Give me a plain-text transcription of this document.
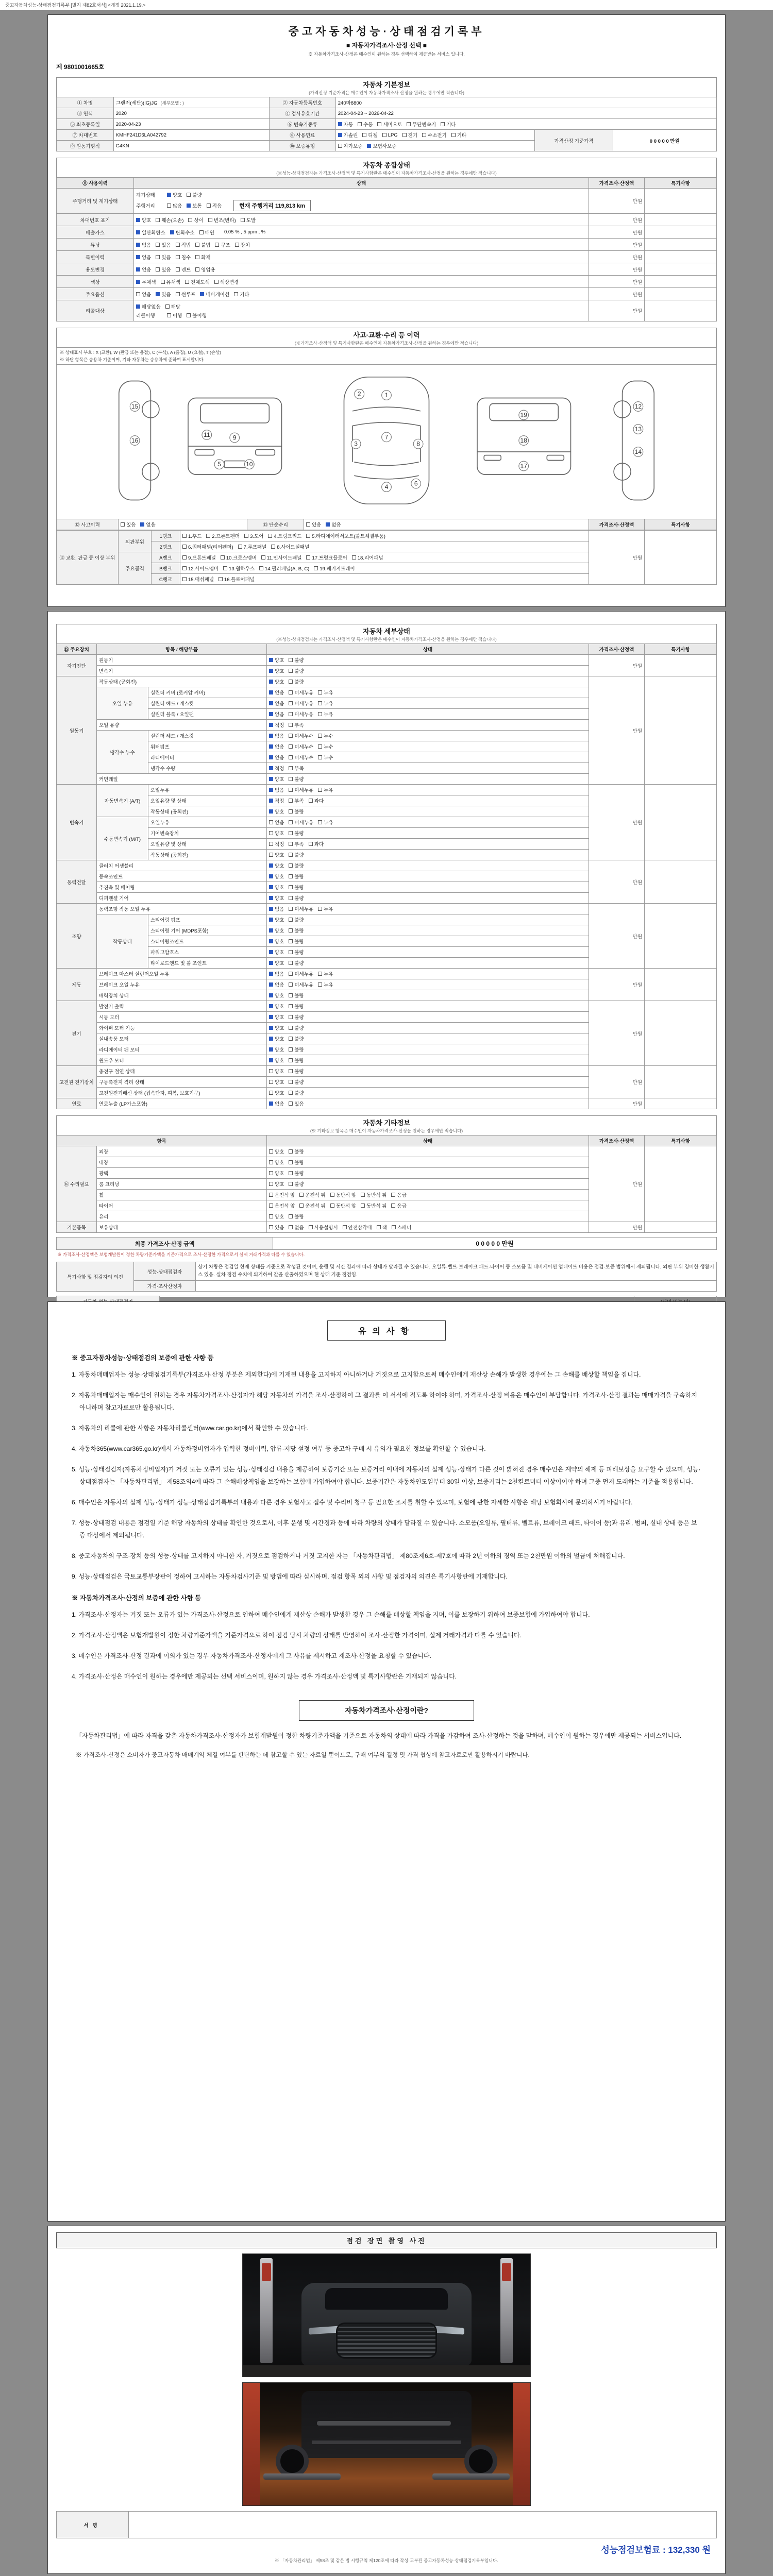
중고자동차성능·상태점검기록부 [별지 제82호서식] <개정 2021.1.19.>
중고자동차성능·상태점검기록부
■ 자동차가격조사·산정 선택 ■
※ 자동차가격조사·산정은 매수인이 원하는 경우 선택하여 제공받는 서비스 입니다.
제 9801001665호
자동차 기본정보
(가격산정 기준가격은 매수인이 자동차가격조사·산정을 원하는 경우에만 적습니다)
① 차명	그랜저(세단)(IG)JG (세부모델 : )	② 자동차등록번호	240마8800		
③ 연식	2020	④ 검사유효기간	2024-04-23 ~ 2026-04-22		
⑤ 최초등록일	2020-04-23	⑥ 변속기종류	자동 수동 세미오토 무단변속기 기타		

⑦ 차대번호	KMHF241D6LA042792	⑧ 사용연료	가솔린 디젤 LPG 전기 수소전기 기타
	가격산정 기준가격	0 0 0 0 0 만원
⑨ 원동기형식	G4KN	⑩ 보증유형	자가보증 보험사보증		
자동차 종합상태
(※성능·상태점검자는 가격조사·산정액 및 특기사항란은 매수인이 자동차가격조사·산정을 원하는 경우에만 적습니다)
⑪ 사용이력	상태	가격조사·산정액	특기사항
주행거리 및 계기상태	
계기상태	양호 불량
주행거리	많음 보통 적음	현재 주행거리 119,813 km
	만원	
차대번호 표기	양호 훼손(오손) 상이 변조(변타) 도말	만원	
배출가스	일산화탄소 탄화수소 매연 0.05 % , 5 ppm , %	만원	
튜닝	없음 있음 적법 불법 구조 장치	만원	
특별이력	없음 있음 침수 화재	만원	
용도변경	없음 있음 렌트 영업용	만원	
색상	무채색 유채색 전체도색 색상변경	만원	
주요옵션	없음 있음 썬루프 네비게이션 기타	만원	
리콜대상	해당없음 해당
리콜이행 이행 불이행	만원	
사고·교환·수리 등 이력
(※가격조사·산정액 및 특기사항란은 매수인이 자동차가격조사·산정을 원하는 경우에만 적습니다)
※ 상태표시 부호 : X (교환), W (판금 또는 용접), C (부식), A (흠집), U (요철), T (손상)
※ 하단 항목은 승용차 기준이며, 기타 자동차는 승용차에 준하여 표시합니다.
1
2
3
4
5
6
7
8
9
10
11
12
13
14
15
16
17
18
19
⑫ 사고이력	있음 없음	⑬ 단순수리	있음 없음	가격조사·산정액	특기사항
⑭ 교환, 판금 등 이상 부위	외판부위	1랭크	1.후드 2.프론트펜더 3.도어 4.트렁크리드 5.라디에이터서포트(볼트체결부품)	만원	
		2랭크	6.쿼터패널(리어펜더) 7.루프패널 8.사이드실패널		

	주요골격	A랭크	9.프론트패널 10.크로스멤버 11.인사이드패널 17.트렁크플로어 18.리어패널		

		B랭크	12.사이드멤버 13.휠하우스 14.필러패널(A, B, C) 19.패키지트레이		

		C랭크	15.대쉬패널 16.플로어패널		
자동차 세부상태
(※성능·상태점검자는 가격조사·산정액 및 특기사항란은 매수인이 자동차가격조사·산정을 원하는 경우에만 적습니다)
⑮ 주요장치	항목 / 해당부품		상태	가격조사·산정액	특기사항
자기진단	원동기		양호 불량	만원	
	변속기		양호 불량		

원동기	작동상태 (공회전)		양호 불량	만원	
	오일 누유	실린더 커버 (로커암 커버)	없음 미세누유 누유		

		실린더 헤드 / 개스킷	없음 미세누유 누유		

		실린더 블록 / 오일팬	없음 미세누유 누유		

	오일 유량		적정 부족		

	냉각수 누수	실린더 헤드 / 개스킷	없음 미세누수 누수		

		워터펌프	없음 미세누수 누수		

		라디에이터	없음 미세누수 누수		

		냉각수 수량	적정 부족		

	커먼레일		양호 불량		

변속기	자동변속기 (A/T)	오일누유	없음 미세누유 누유	만원	
		오일유량 및 상태	적정 부족 과다		

		작동상태 (공회전)	양호 불량		

	수동변속기 (M/T)	오일누유	없음 미세누유 누유		

		기어변속장치	양호 불량		

		오일유량 및 상태	적정 부족 과다		

		작동상태 (공회전)	양호 불량		

동력전달	클러치 어셈블리		양호 불량	만원	
	등속조인트		양호 불량		

	추진축 및 베어링		양호 불량		

	디퍼렌셜 기어		양호 불량		

조향	동력조향 작동 오일 누유		없음 미세누유 누유	만원	
	작동상태	스티어링 펌프	양호 불량		

		스티어링 기어 (MDPS포함)	양호 불량		

		스티어링조인트	양호 불량		

		파워고압호스	양호 불량		

		타이로드엔드 및 볼 조인트	양호 불량		

제동	브레이크 마스터 실린더오일 누유		없음 미세누유 누유	만원	
	브레이크 오일 누유		없음 미세누유 누유		

	배력장치 상태		양호 불량		

전기	발전기 출력		양호 불량	만원	
	시동 모터		양호 불량		

	와이퍼 모터 기능		양호 불량		

	실내송풍 모터		양호 불량		

	라디에이터 팬 모터		양호 불량		

	윈도우 모터		양호 불량		

고전원 전기장치	충전구 절연 상태		양호 불량	만원	
	구동축전지 격리 상태		양호 불량		

	고전원전기배선 상태 (접속단자, 피복, 보호기구)		양호 불량		

연료	연료누출 (LP가스포함)		없음 있음	만원	
자동차 기타정보
(※ 기타정보 항목은 매수인이 자동차가격조사·산정을 원하는 경우에만 적습니다)
항목		상태	가격조사·산정액	특기사항
⑯ 수리필요	외장	양호 불량	만원	
	내장	양호 불량		

	광택	양호 불량		

	룸 크리닝	양호 불량		

	휠	운전석 앞 운전석 뒤 동반석 앞 동반석 뒤 응급		

	타이어	운전석 앞 운전석 뒤 동반석 앞 동반석 뒤 응급		

	유리	양호 불량		

기본품목	보유상태	있음 없음 사용설명서 안전삼각대 잭 스패너	만원	
최종 가격조사·산정 금액	0 0 0 0 0 만원
※ 가격조사·산정액은 보험개발원이 정한 차량기준가액을 기준가격으로 조사·산정한 가격으로서 실제 거래가격과 다를 수 있습니다.
특기사항 및 점검자의 의견	성능·상태점검자	상기 차량은 점검일 현재 상태를 기준으로 작성된 것이며, 운행 및 시간 경과에 따라 상태가 달라질 수 있습니다. 오일류·벨트·브레이크 패드·타이어 등 소모품 및 내비게이션 업데이트 비용은 점검·보증 범위에서 제외됩니다. 외판 부위 경미한 생활기스 있음. 실차 점검 수치에 의거하여 값을 산출하였으며 현 상태 기준 점검임.
	가격·조사산정자	

유의사항
※ 중고자동차성능·상태점검의 보증에 관한 사항 등
1. 자동차매매업자는 성능·상태점검기록부(가격조사·산정 부분은 제외한다)에 기재된 내용을 고지하지 아니하거나 거짓으로 고지함으로써 매수인에게 재산상 손해가 발생한 경우에는 그 손해를 배상할 책임을 집니다.
2. 자동차매매업자는 매수인이 원하는 경우 자동차가격조사·산정자가 해당 자동차의 가격을 조사·산정하여 그 결과를 이 서식에 적도록 하여야 하며, 가격조사·산정 비용은 매수인이 부담합니다. 가격조사·산정 결과는 매매가격을 구속하지 아니하며 참고자료로만 활용됩니다.
3. 자동차의 리콜에 관한 사항은 자동차리콜센터(www.car.go.kr)에서 확인할 수 있습니다.
4. 자동차365(www.car365.go.kr)에서 자동차정비업자가 입력한 정비이력, 압류·저당 설정 여부 등 중고차 구매 시 유의가 필요한 정보를 확인할 수 있습니다.
5. 성능·상태점검자(자동차정비업자)가 거짓 또는 오류가 있는 성능·상태점검 내용을 제공하여 보증기간 또는 보증거리 이내에 자동차의 실제 성능·상태가 다른 것이 밝혀진 경우 매수인은 계약의 해제 등 피해보상을 요구할 수 있으며, 성능·상태점검자는 「자동차관리법」 제58조의4에 따라 그 손해배상책임을 보장하는 보험에 가입하여야 합니다. 보증기간은 자동차인도일부터 30일 이상, 보증거리는 2천킬로미터 이상이어야 하며 그중 먼저 도래하는 기준을 적용합니다.
6. 매수인은 자동차의 실제 성능·상태가 성능·상태점검기록부의 내용과 다른 경우 보험사고 접수 및 수리비 청구 등 필요한 조치를 취할 수 있으며, 보험에 관한 자세한 사항은 해당 보험회사에 문의하시기 바랍니다.
7. 성능·상태점검 내용은 점검일 기준 해당 자동차의 상태를 확인한 것으로서, 이후 운행 및 시간경과 등에 따라 차량의 상태가 달라질 수 있습니다. 소모품(오일류, 필터류, 벨트류, 브레이크 패드, 타이어 등)과 유리, 범퍼, 실내 상태 등은 보증 대상에서 제외됩니다.
8. 중고자동차의 구조·장치 등의 성능·상태를 고지하지 아니한 자, 거짓으로 점검하거나 거짓 고지한 자는 「자동차관리법」 제80조제6호·제7호에 따라 2년 이하의 징역 또는 2천만원 이하의 벌금에 처해집니다.
9. 성능·상태점검은 국토교통부장관이 정하여 고시하는 자동차검사기준 및 방법에 따라 실시하며, 점검 항목 외의 사항 및 점검자의 의견은 특기사항란에 기재합니다.
※ 자동차가격조사·산정의 보증에 관한 사항 등
1. 가격조사·산정자는 거짓 또는 오류가 있는 가격조사·산정으로 인하여 매수인에게 재산상 손해가 발생한 경우 그 손해를 배상할 책임을 지며, 이를 보장하기 위하여 보증보험에 가입하여야 합니다.
2. 가격조사·산정액은 보험개발원이 정한 차량기준가액을 기준가격으로 하여 점검 당시 차량의 상태를 반영하여 조사·산정한 가격이며, 실제 거래가격과 다를 수 있습니다.
3. 매수인은 가격조사·산정 결과에 이의가 있는 경우 자동차가격조사·산정자에게 그 사유를 제시하고 재조사·산정을 요청할 수 있습니다.
4. 가격조사·산정은 매수인이 원하는 경우에만 제공되는 선택 서비스이며, 원하지 않는 경우 가격조사·산정액 및 특기사항란은 기재되지 않습니다.
자동차가격조사·산정이란?
「자동차관리법」에 따라 자격을 갖춘 자동차가격조사·산정자가 보험개발원이 정한 차량기준가액을 기준으로 자동차의 상태에 따라 가격을 가감하여 조사·산정하는 것을 말하며, 매수인이 원하는 경우에만 제공되는 서비스입니다.
※ 가격조사·산정은 소비자가 중고자동차 매매계약 체결 여부를 판단하는 데 참고할 수 있는 자료일 뿐이므로, 구매 여부의 결정 및 가격 협상에 참고자료로만 활용하시기 바랍니다.
점검 장면 촬영 사진
서명	
성능점검보험료 : 132,330 원
※ 「자동차관리법」 제58조 및 같은 법 시행규칙 제120조에 따라 작성·교부된 중고자동차성능·상태점검기록부입니다.
